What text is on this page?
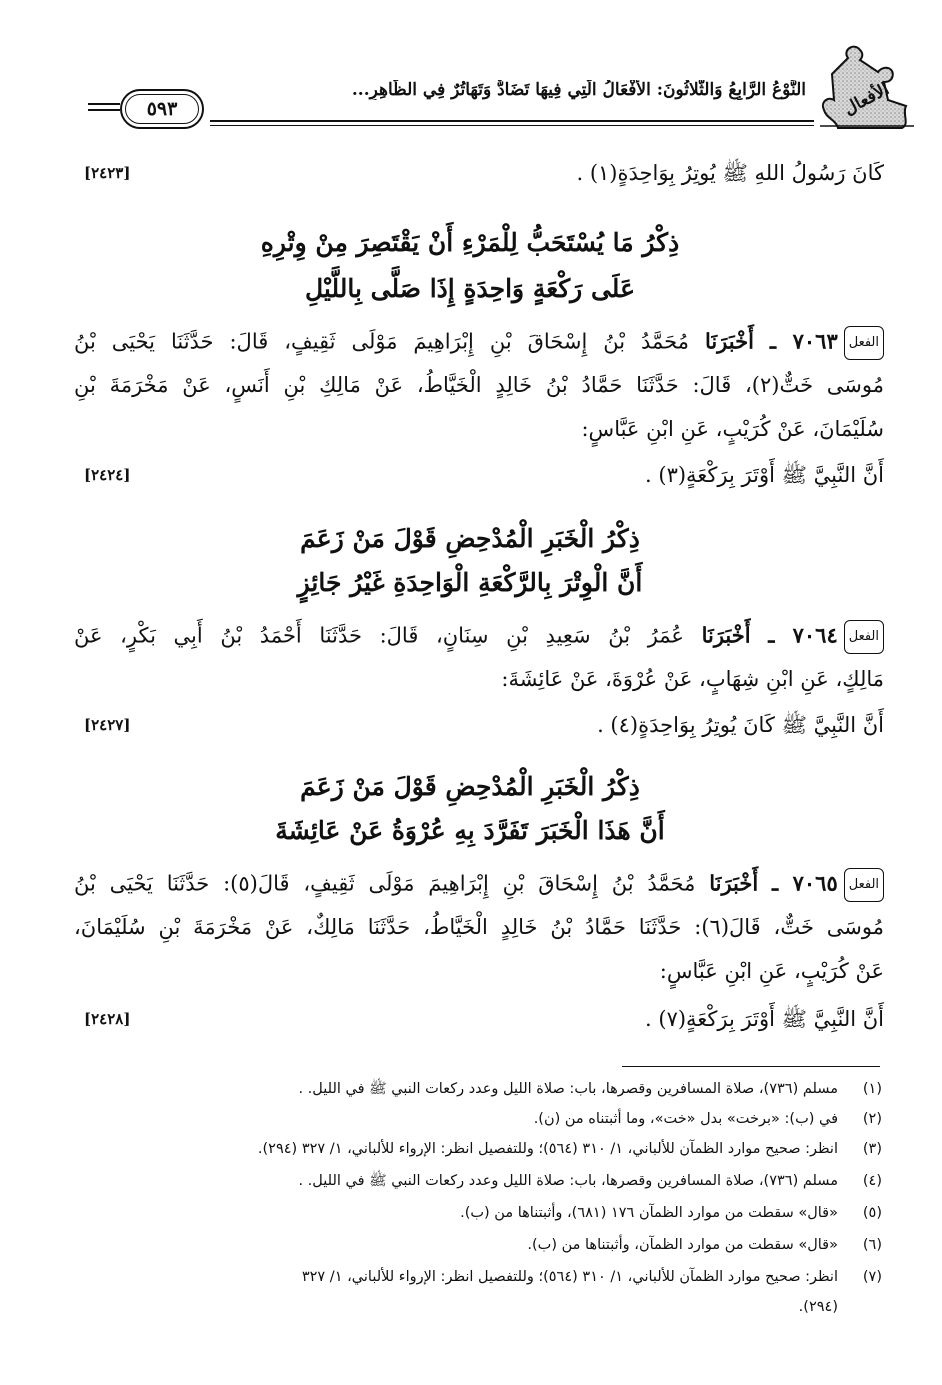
الأفعال
النَّوْعُ الرَّابِعُ وَالثَّلاثُونَ: الأَفْعَالُ الَّتِي فِيهَا تَضَادٌّ وَتَهَاتُرٌ فِي الظَّاهِرِ...
٥٩٣
كَانَ رَسُولُ اللهِ ﷺ يُوتِرُ بِوَاحِدَةٍ(١) .
[٢٤٢٣]
ذِكْرُ مَا يُسْتَحَبُّ لِلْمَرْءِ أَنْ يَقْتَصِرَ مِنْ وِتْرِهِ
عَلَى رَكْعَةٍ وَاحِدَةٍ إِذَا صَلَّى بِاللَّيْلِ
الفعل٧٠٦٣ ـ أَخْبَرَنَا مُحَمَّدُ بْنُ إِسْحَاقَ بْنِ إِبْرَاهِيمَ مَوْلَى ثَقِيفٍ، قَالَ: حَدَّثَنَا يَحْيَى بْنُ
مُوسَى خَتٌّ(٢)، قَالَ: حَدَّثَنَا حَمَّادُ بْنُ خَالِدٍ الْخَيَّاطُ، عَنْ مَالِكِ بْنِ أَنَسٍ، عَنْ مَخْرَمَةَ بْنِ
سُلَيْمَانَ، عَنْ كُرَيْبٍ، عَنِ ابْنِ عَبَّاسٍ:
أَنَّ النَّبِيَّ ﷺ أَوْتَرَ بِرَكْعَةٍ(٣) .
[٢٤٢٤]
ذِكْرُ الْخَبَرِ الْمُدْحِضِ قَوْلَ مَنْ زَعَمَ
أَنَّ الْوِتْرَ بِالرَّكْعَةِ الْوَاحِدَةِ غَيْرُ جَائِزٍ
الفعل٧٠٦٤ ـ أَخْبَرَنَا عُمَرُ بْنُ سَعِيدِ بْنِ سِنَانٍ، قَالَ: حَدَّثَنَا أَحْمَدُ بْنُ أَبِي بَكْرٍ، عَنْ
مَالِكٍ، عَنِ ابْنِ شِهَابٍ، عَنْ عُرْوَةَ، عَنْ عَائِشَةَ:
أَنَّ النَّبِيَّ ﷺ كَانَ يُوتِرُ بِوَاحِدَةٍ(٤) .
[٢٤٢٧]
ذِكْرُ الْخَبَرِ الْمُدْحِضِ قَوْلَ مَنْ زَعَمَ
أَنَّ هَذَا الْخَبَرَ تَفَرَّدَ بِهِ عُرْوَةُ عَنْ عَائِشَةَ
الفعل٧٠٦٥ ـ أَخْبَرَنَا مُحَمَّدُ بْنُ إِسْحَاقَ بْنِ إِبْرَاهِيمَ مَوْلَى ثَقِيفٍ، قَالَ(٥): حَدَّثَنَا يَحْيَى بْنُ
مُوسَى خَتٌّ، قَالَ(٦): حَدَّثَنَا حَمَّادُ بْنُ خَالِدٍ الْخَيَّاطُ، حَدَّثَنَا مَالِكٌ، عَنْ مَخْرَمَةَ بْنِ سُلَيْمَانَ،
عَنْ كُرَيْبٍ، عَنِ ابْنِ عَبَّاسٍ:
أَنَّ النَّبِيَّ ﷺ أَوْتَرَ بِرَكْعَةٍ(٧) .
[٢٤٢٨]
(١)مسلم (٧٣٦)، صلاة المسافرين وقصرها، باب: صلاة الليل وعدد ركعات النبي ﷺ في الليل. .
(٢)في (ب): «برخت» بدل «خت»، وما أثبتناه من (ن).
(٣)انظر: صحيح موارد الظمآن للألباني، ١/ ٣١٠ (٥٦٤)؛ وللتفصيل انظر: الإرواء للألباني، ١/ ٣٢٧ (٢٩٤).
(٤)مسلم (٧٣٦)، صلاة المسافرين وقصرها، باب: صلاة الليل وعدد ركعات النبي ﷺ في الليل. .
(٥)«قال» سقطت من موارد الظمآن ١٧٦ (٦٨١)، وأثبتناها من (ب).
(٦)«قال» سقطت من موارد الظمآن، وأثبتناها من (ب).
(٧)انظر: صحيح موارد الظمآن للألباني، ١/ ٣١٠ (٥٦٤)؛ وللتفصيل انظر: الإرواء للألباني، ١/ ٣٢٧
(٢٩٤).
